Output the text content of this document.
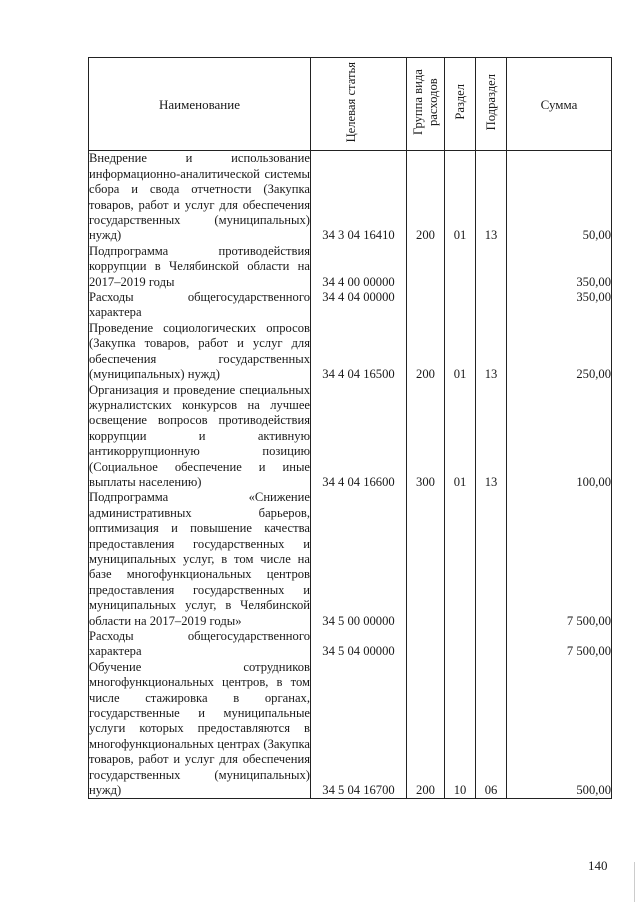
Наименование	Целевая статья	Группа вида расходов	Раздел	Подраздел	Сумма
Внедрение и использование информационно-аналитической системы сбора и свода отчетности (Закупка товаров, работ и услуг для обеспечения государственных (муниципальных) нужд)	34 3 04 16410	200	01	13	50,00
Подпрограмма противодействия коррупции в Челябинской области на 2017–2019 годы	34 4 00 00000				350,00
Расходы общегосударственного характера	34 4 04 00000				350,00
Проведение социологических опросов (Закупка товаров, работ и услуг для обеспечения государственных (муниципальных) нужд)	34 4 04 16500	200	01	13	250,00
Организация и проведение специальных журналистских конкурсов на лучшее освещение вопросов противодействия коррупции и активную антикоррупционную позицию (Социальное обеспечение и иные выплаты населению)	34 4 04 16600	300	01	13	100,00
Подпрограмма «Снижение административных барьеров, оптимизация и повышение качества предоставления государственных и муниципальных услуг, в том числе на базе многофункциональных центров предоставления государственных и муниципальных услуг, в Челябинской области на 2017–2019 годы»	34 5 00 00000				7 500,00
Расходы общегосударственного характера	34 5 04 00000				7 500,00
Обучение сотрудников многофункциональных центров, в том числе стажировка в органах, государственные и муниципальные услуги которых предоставляются в многофункциональных центрах (Закупка товаров, работ и услуг для обеспечения государственных (муниципальных) нужд)	34 5 04 16700	200	10	06	500,00
140
